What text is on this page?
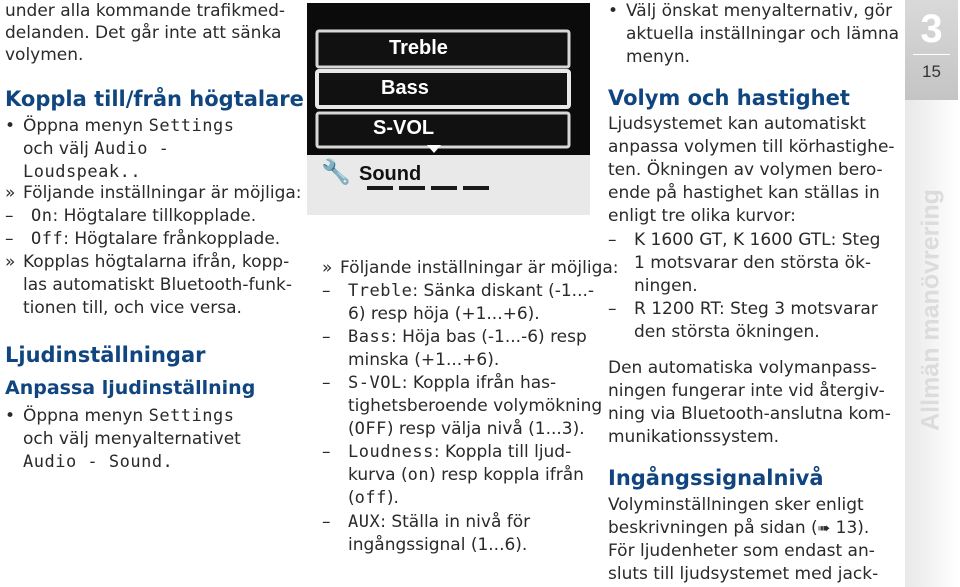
under alla kommande trafikmed-

delanden. Det går inte att sänka

volymen.

Koppla till/från högtalare
• Öppna menyn Settings
och välj Audio -
Loudspeak..
» Följande inställningar är möjliga:
– On: Högtalare tillkopplade.
– Off: Högtalare frånkopplade.
» Kopplas högtalarna ifrån, kopp-
las automatiskt Bluetooth-funk-
tionen till, och vice versa.
Ljudinställningar
Anpassa ljudinställning
• Öppna menyn Settings
och välj menyalternativet
Audio - Sound.
Treble
Bass
S-VOL
🔧 Sound
» Följande inställningar är möjliga:
– Treble: Sänka diskant (-1...-
6) resp höja (+1...+6).
– Bass: Höja bas (-1...-6) resp
minska (+1...+6).
– S-VOL: Koppla ifrån has-
tighetsberoende volymökning
(OFF) resp välja nivå (1...3).
– Loudness: Koppla till ljud-
kurva (on) resp koppla ifrån
(off).
– AUX: Ställa in nivå för
ingångssignal (1...6).
• Välj önskat menyalternativ, gör
aktuella inställningar och lämna
menyn.
Volym och hastighet
Ljudsystemet kan automatiskt
anpassa volymen till körhastighe-
ten. Ökningen av volymen bero-
ende på hastighet kan ställas in
enligt tre olika kurvor:
– K 1600 GT, K 1600 GTL: Steg
1 motsvarar den största ök-
ningen.
– R 1200 RT: Steg 3 motsvarar
den största ökningen.
Den automatiska volymanpass-
ningen fungerar inte vid återgiv-
ning via Bluetooth-anslutna kom-
munikationssystem.
Ingångssignalnivå
Volyminställningen sker enligt
beskrivningen på sidan (➠ 13).
För ljudenheter som endast an-
sluts till ljudsystemet med jack-
3
15
Allmän manövrering
